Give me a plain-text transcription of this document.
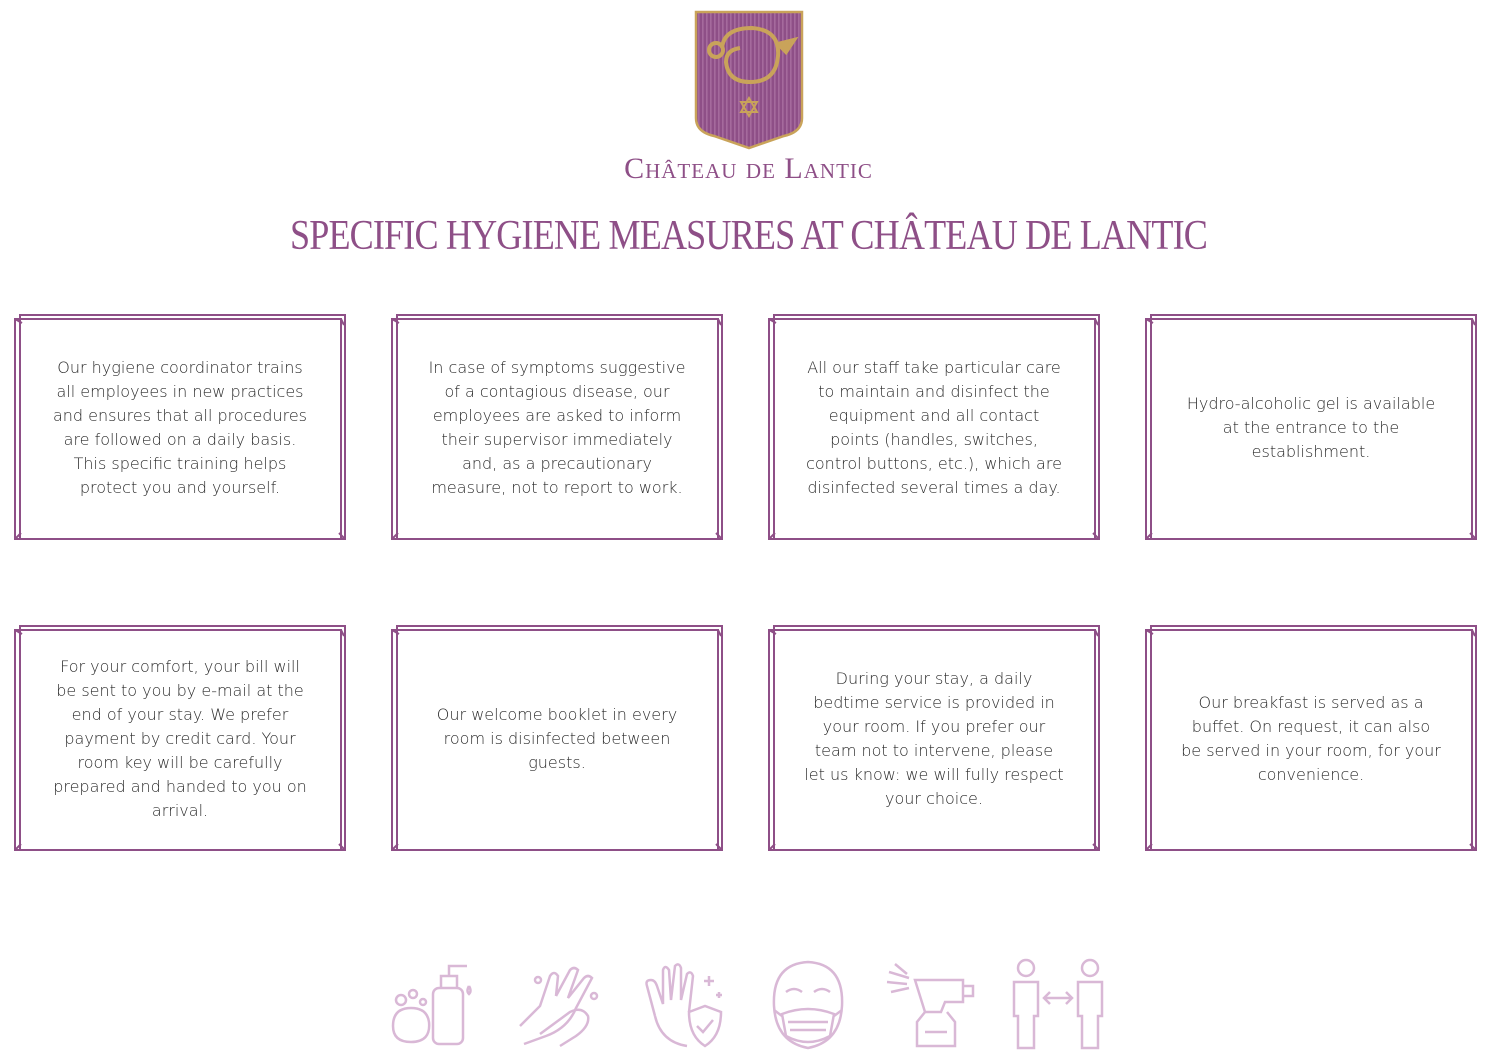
Château de Lantic
SPECIFIC HYGIENE MEASURES AT CHÂTEAU DE LANTIC
Our hygiene coordinator trains all employees in new practices and ensures that all procedures are followed on a daily basis. This specific training helps protect you and yourself.
In case of symptoms suggestive of a contagious disease, our employees are asked to inform their supervisor immediately and, as a precautionary measure, not to report to work.
All our staff take particular care to maintain and disinfect the equipment and all contact points (handles, switches, control buttons, etc.), which are disinfected several times a day.
Hydro-alcoholic gel is available at the entrance to the establishment.
For your comfort, your bill will be sent to you by e-mail at the end of your stay. We prefer payment by credit card. Your room key will be carefully prepared and handed to you on arrival.
Our welcome booklet in every room is disinfected between guests.
During your stay, a daily bedtime service is provided in your room. If you prefer our team not to intervene, please let us know: we will fully respect your choice.
Our breakfast is served as a buffet. On request, it can also be served in your room, for your convenience.
